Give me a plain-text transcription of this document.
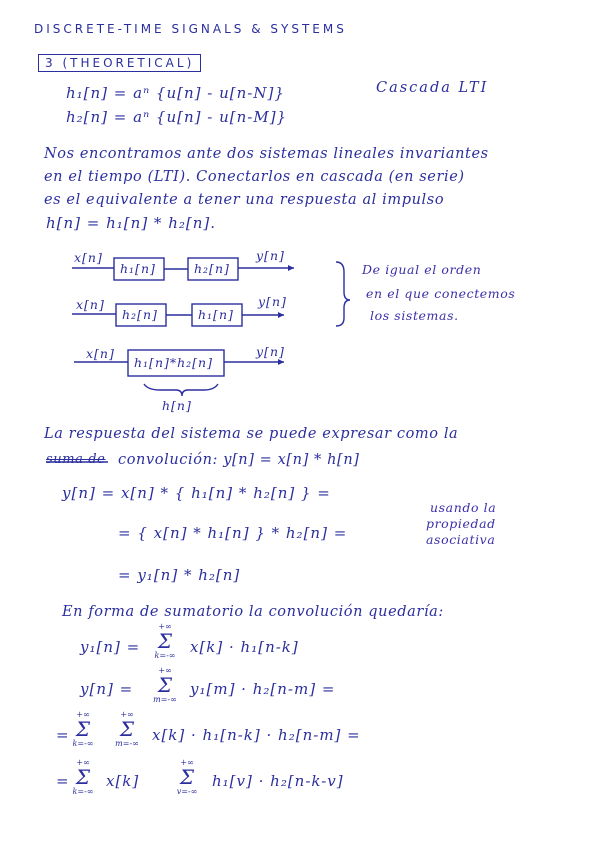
DISCRETE-TIME SIGNALS & SYSTEMS
3 (THEORETICAL)
h₁[n] = aⁿ {u[n] - u[n-N]}
h₂[n] = aⁿ {u[n] - u[n-M]}
Cascada LTI
Nos encontramos ante dos sistemas lineales invariantes
en el tiempo (LTI). Conectarlos en cascada (en serie)
es el equivalente a tener una respuesta al impulso
h[n] = h₁[n] * h₂[n].
x[n]
h₁[n]	h₂[n]
y[n]
x[n]
h₂[n]	h₁[n]
y[n]
x[n]
h₁[n]*h₂[n]
y[n]
h[n]
De igual el orden
en el que conectemos
los sistemas.
La respuesta del sistema se puede expresar como la
suma de convolución: y[n] = x[n] * h[n]
y[n] = x[n] * { h₁[n] * h₂[n] } =
= { x[n] * h₁[n] } * h₂[n] =
= y₁[n] * h₂[n]
usando la
propiedad
asociativa
En forma de sumatorio la convolución quedaría:
y₁[n] =
+∞
Σ
k=-∞ x[k] · h₁[n-k]
y[n] =
+∞
Σ
m=-∞
y₁[m] · h₂[n-m] =
=
+∞
Σ
k=-∞
+∞
Σ
m=-∞ x[k] · h₁[n-k] · h₂[n-m] =
=
+∞
Σ
k=-∞
x[k]
+∞
Σ
v=-∞
h₁[v] · h₂[n-k-v]
